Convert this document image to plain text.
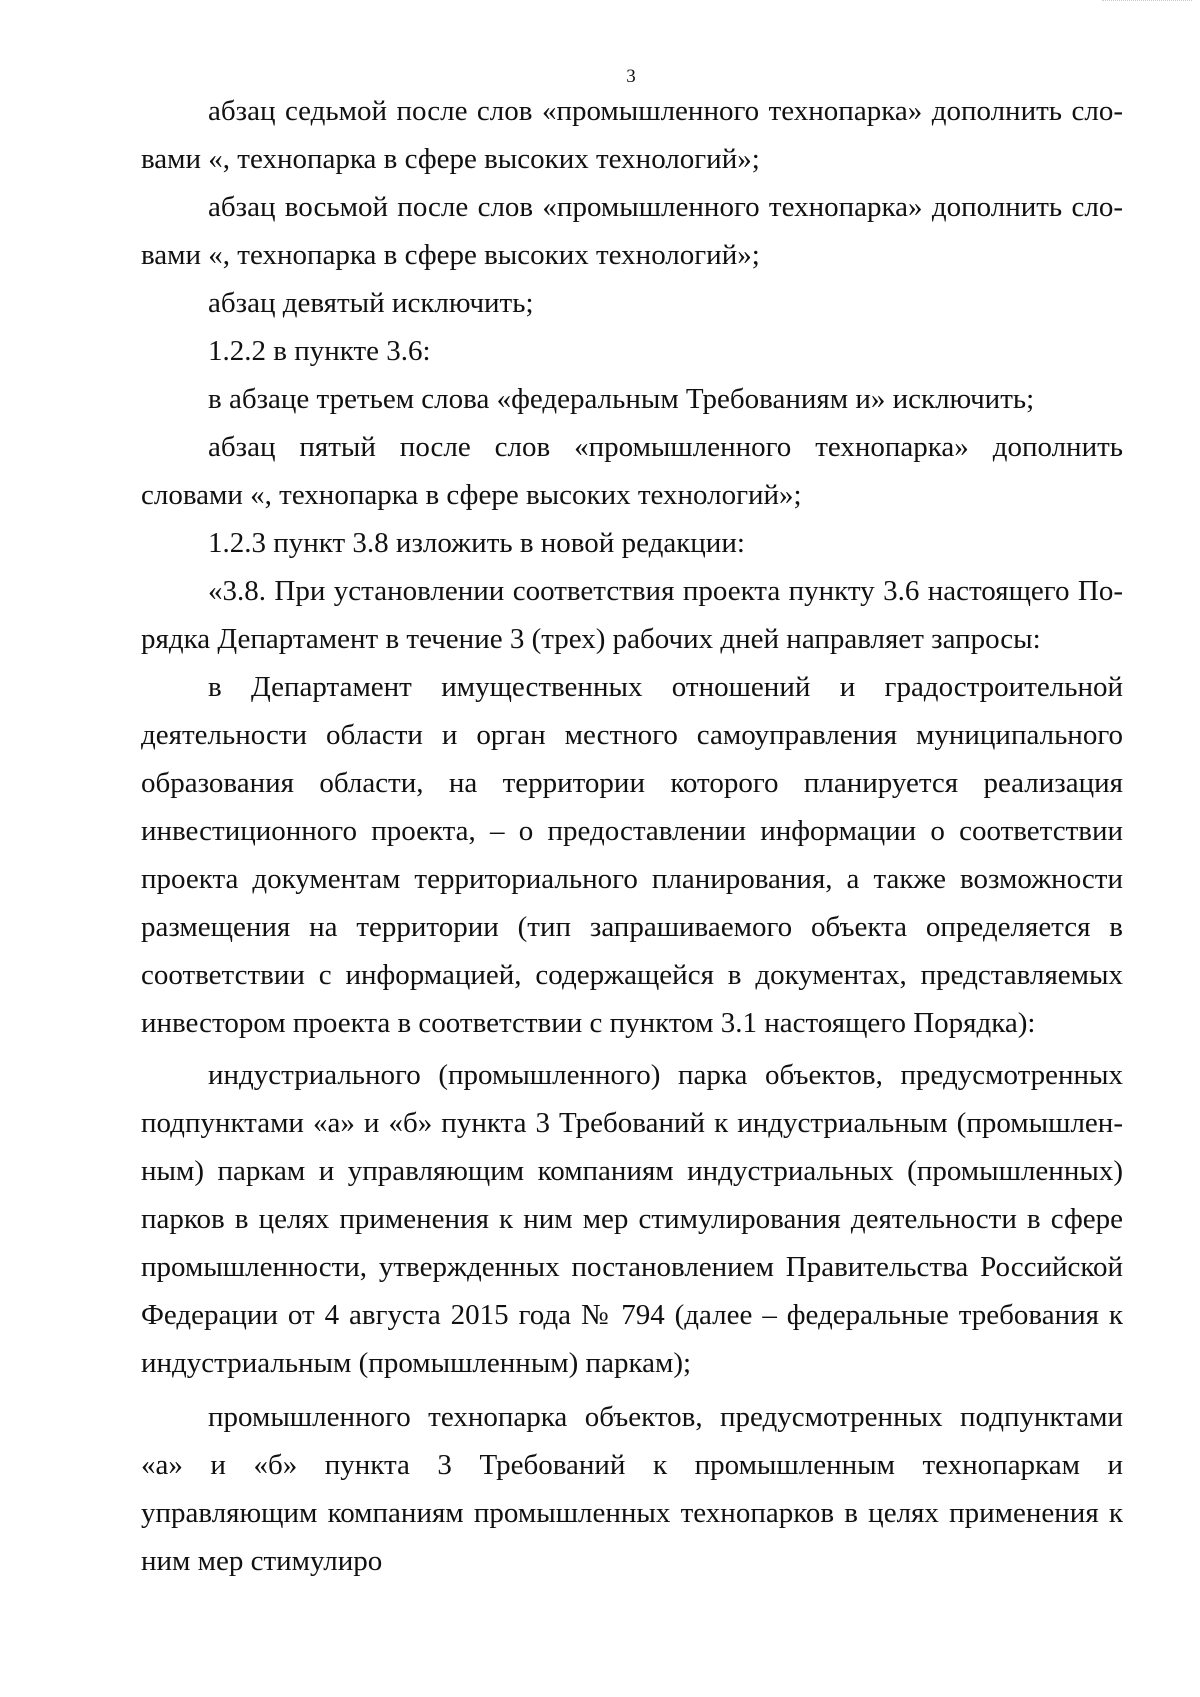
3

абзац седьмой после слов «промышленного технопарка» дополнить словами «, технопарка в сфере высоких технологий»;

абзац восьмой после слов «промышленного технопарка» дополнить словами «, технопарка в сфере высоких технологий»;

абзац девятый исключить;

1.2.2 в пункте 3.6:

в абзаце третьем слова «федеральным Требованиям и» исключить;

абзац пятый после слов «промышленного технопарка» дополнить словами «, технопарка в сфере высоких технологий»;

1.2.3 пункт 3.8 изложить в новой редакции:

«3.8. При установлении соответствия проекта пункту 3.6 настоящего Порядка Департамент в течение 3 (трех) рабочих дней направляет запросы:

в Департамент имущественных отношений и градостроительной деятельности области и орган местного самоуправления муниципального образования области, на территории которого планируется реализация инвестиционного проекта, – о предоставлении информации о соответствии проекта документам территориального планирования, а также возможности размещения на территории (тип запрашиваемого объекта определяется в соответствии с информацией, содержащейся в документах, представляемых инвестором проекта в соответствии с пунктом 3.1 настоящего Порядка):

индустриального (промышленного) парка объектов, предусмотренных подпунктами «а» и «б» пункта 3 Требований к индустриальным (промышленным) паркам и управляющим компаниям индустриальных (промышленных) парков в целях применения к ним мер стимулирования деятельности в сфере промышленности, утвержденных постановлением Правительства Российской Федерации от 4 августа 2015 года № 794 (далее – федеральные требования к индустриальным (промышленным) паркам);

промышленного технопарка объектов, предусмотренных подпунктами «а» и «б» пункта 3 Требований к промышленным технопаркам и управляющим компаниям промышленных технопарков в целях применения к ним мер стимулиро
